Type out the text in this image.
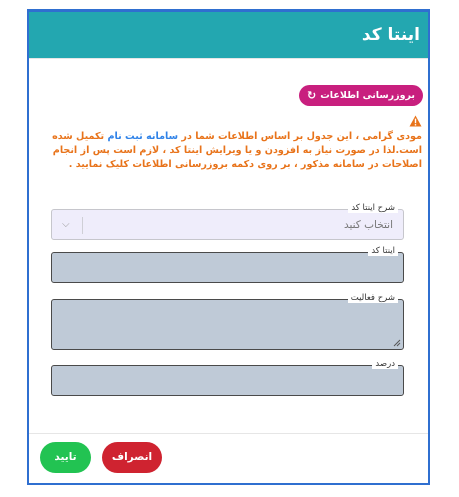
اینتا کد
بروزرسانی اطلاعات
↻
مودی گرامی ، این جدول بر اساس اطلاعات شما در سامانه ثبت نام تکمیل شده است.لذا در صورت نیاز به افزودن و یا ویرایش اینتا کد ، لازم است پس از انجام اصلاحات در سامانه مذکور ، بر روی دکمه بروزرسانی اطلاعات کلیک نمایید .
شرح اینتا کد
انتخاب کنید
⌵
اینتا کد
شرح فعالیت
درصد
انصراف
تایید
